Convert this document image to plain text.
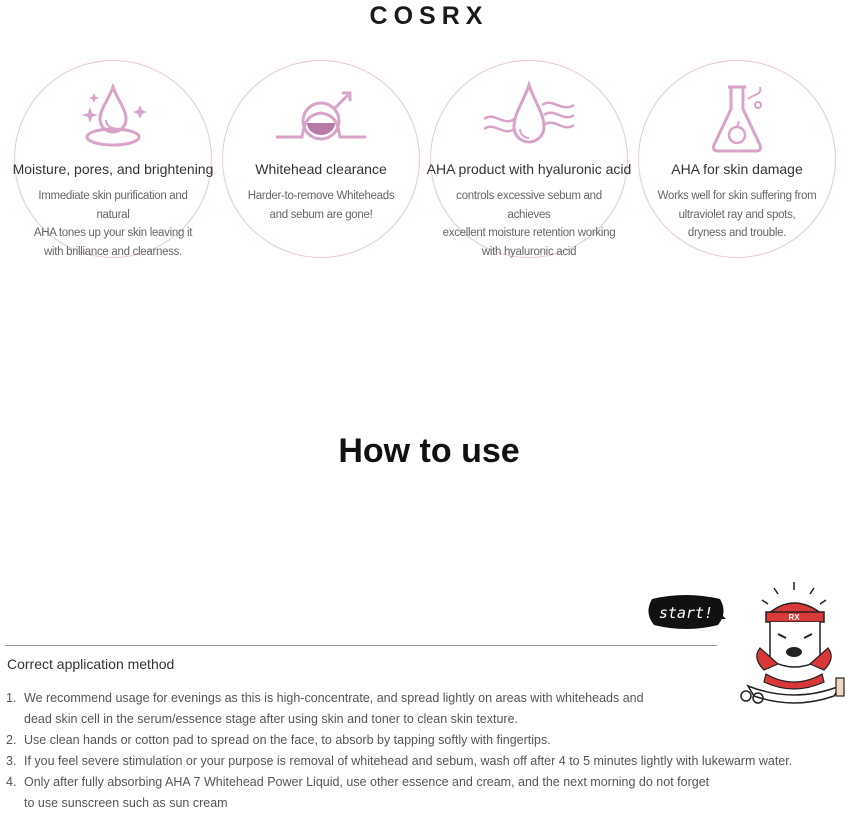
COSRX
Moisture, pores, and brightening
Immediate skin purification and natural
AHA tones up your skin leaving it
with brilliance and clearness.
Whitehead clearance
Harder-to-remove Whiteheads
and sebum are gone!
AHA product with hyaluronic acid
controls excessive sebum and achieves
excellent moisture retention working
with hyaluronic acid
AHA for skin damage
Works well for skin suffering from
ultraviolet ray and spots,
dryness and trouble.
How to use
start!	RX
Correct application method
1. We recommend usage for evenings as this is high-concentrate, and spread lightly on areas with whiteheads and
dead skin cell in the serum/essence stage after using skin and toner to clean skin texture.
2. Use clean hands or cotton pad to spread on the face, to absorb by tapping softly with fingertips.
3. If you feel severe stimulation or your purpose is removal of whitehead and sebum, wash off after 4 to 5 minutes lightly with lukewarm water.
4. Only after fully absorbing AHA 7 Whitehead Power Liquid, use other essence and cream, and the next morning do not forget
to use sunscreen such as sun cream
